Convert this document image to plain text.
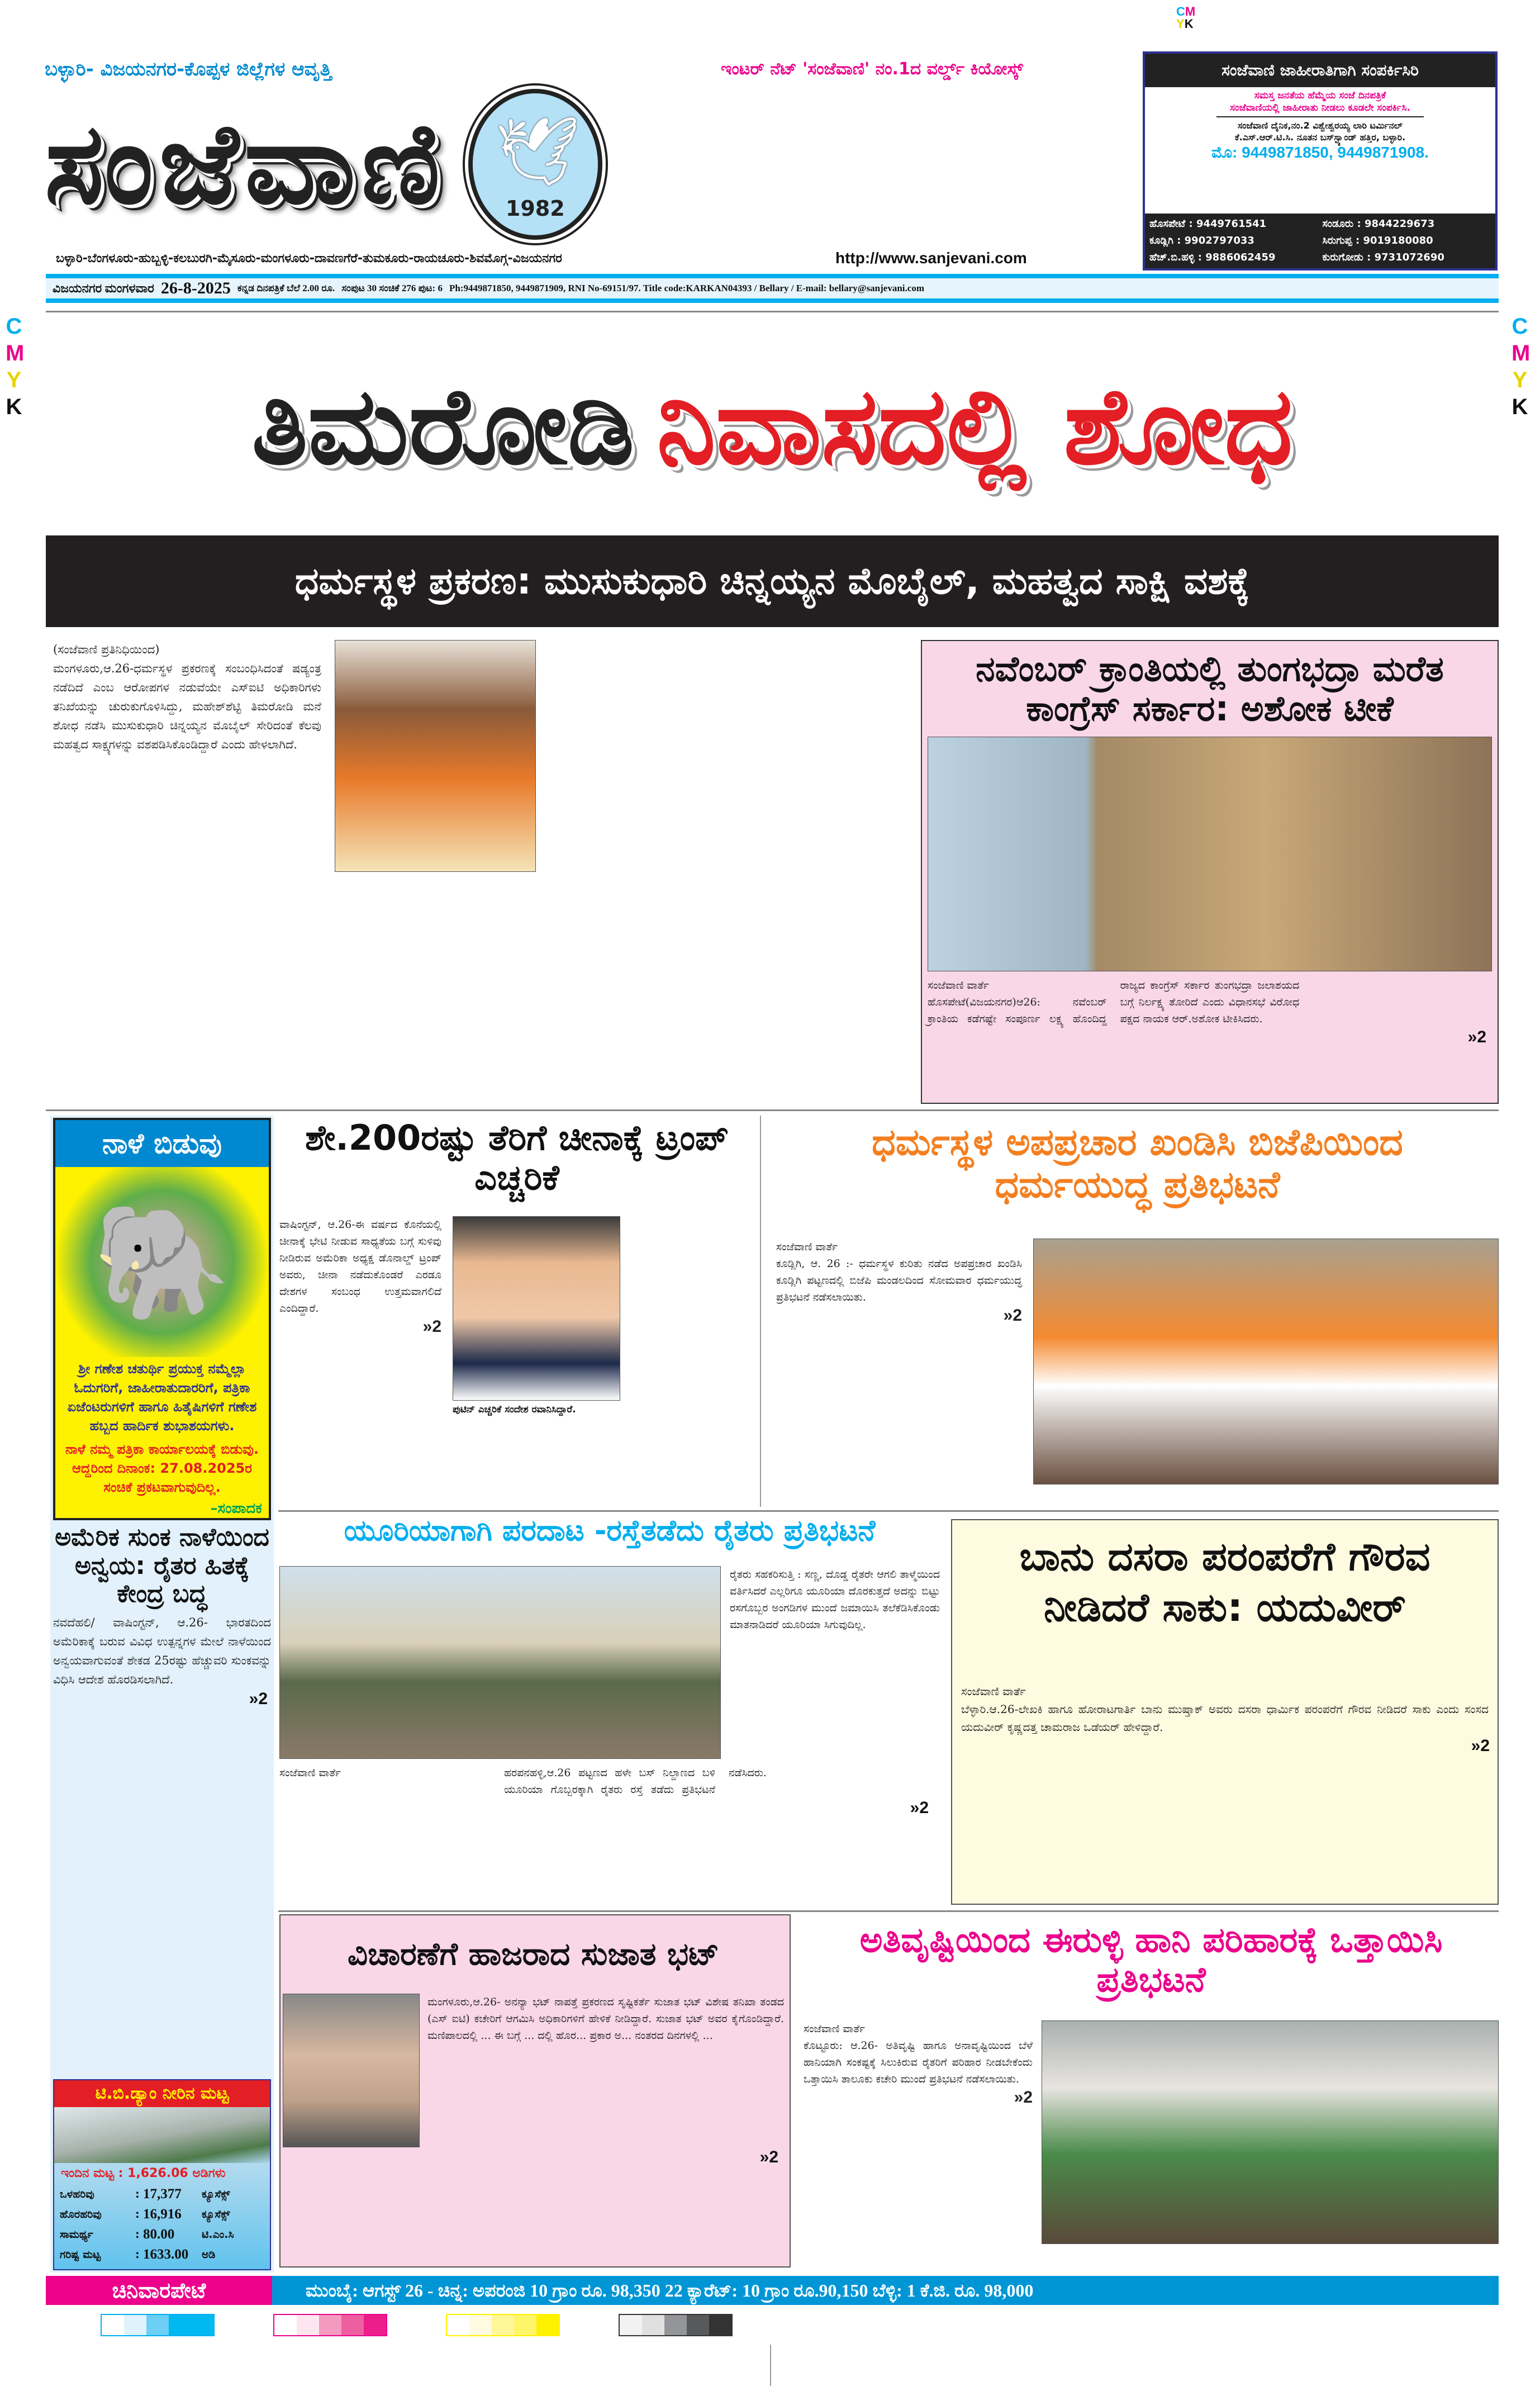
CM
YK
C
M
Y
K
C
M
Y
K
ಬಳ್ಳಾರಿ- ವಿಜಯನಗರ-ಕೊಪ್ಪಳ ಜಿಲ್ಲೆಗಳ ಆವೃತ್ತಿ	ಇಂಟರ್ ನೆಟ್ 'ಸಂಜೆವಾಣಿ' ನಂ.1ದ ವರ್ಲ್ಡ್ ಕಿಯೋಸ್ಕ್
ಸಂಜೆವಾಣಿ 🕊
1982
ಬಳ್ಳಾರಿ-ಬೆಂಗಳೂರು-ಹುಬ್ಬಳ್ಳಿ-ಕಲಬುರಗಿ-ಮೈಸೂರು-ಮಂಗಳೂರು-ದಾವಣಗೆರೆ-ತುಮಕೂರು-ರಾಯಚೂರು-ಶಿವಮೊಗ್ಗ-ವಿಜಯನಗರ	http://www.sanjevani.com
ಸಂಜೆವಾಣಿ ಜಾಹೀರಾತಿಗಾಗಿ ಸಂಪರ್ಕಿಸಿರಿ
ಸಮಸ್ತ ಜನತೆಯ ಹೆಮ್ಮೆಯ ಸಂಜೆ ದಿನಪತ್ರಿಕೆ
ಸಂಜೆವಾಣಿಯಲ್ಲಿ ಜಾಹೀರಾತು ನೀಡಲು ಕೂಡಲೇ ಸಂಪರ್ಕಿಸಿ.
ಸಂಜೆವಾಣಿ ದೈನಿಕ,ನಂ.2 ವಿಶ್ವೇಶ್ವರಯ್ಯ ಲಾರಿ ಟರ್ಮಿನಲ್
ಕೆ.ಎಸ್.ಆರ್.ಟಿ.ಸಿ. ನೂತನ ಬಸ್‌ಸ್ಟ್ಯಾಂಡ್ ಹತ್ತಿರ, ಬಳ್ಳಾರಿ.
ಮೊ: 9449871850, 9449871908.
ಹೊಸಪೇಟೆ : 9449761541	ಸಂಡೂರು : 9844229673
ಕೂಡ್ಲಿಗಿ : 9902797033	ಸಿರುಗುಪ್ಪ : 9019180080
ಹೆಚ್.ಬಿ.ಹಳ್ಳಿ : 9886062459	ಕುರುಗೋಡು : 9731072690
ವಿಜಯನಗರ ಮಂಗಳವಾರ 26-8-2025 ಕನ್ನಡ ದಿನಪತ್ರಿಕೆ ಬೆಲೆ 2.00 ರೂ. ಸಂಪುಟ 30 ಸಂಚಿಕೆ 276 ಪುಟ: 6 Ph:9449871850, 9449871909, RNI No-69151/97. Title code:KARKAN04393 / Bellary / E-mail: bellary@sanjevani.com
ತಿಮರೋಡಿ ನಿವಾಸದಲ್ಲಿ ಶೋಧ
ಧರ್ಮಸ್ಥಳ ಪ್ರಕರಣ: ಮುಸುಕುಧಾರಿ ಚಿನ್ನಯ್ಯನ ಮೊಬೈಲ್, ಮಹತ್ವದ ಸಾಕ್ಷಿ ವಶಕ್ಕೆ
(ಸಂಜೆವಾಣಿ ಪ್ರತಿನಿಧಿಯಿಂದ)

ಮಂಗಳೂರು,ಆ.26-ಧರ್ಮಸ್ಥಳ ಪ್ರಕರಣಕ್ಕೆ ಸಂಬಂಧಿಸಿದಂತೆ ಷಡ್ಯಂತ್ರ ನಡೆದಿದೆ ಎಂಬ ಆರೋಪಗಳ ನಡುವೆಯೇ ಎಸ್‌ಐಟಿ ಅಧಿಕಾರಿಗಳು ತನಿಖೆಯನ್ನು ಚುರುಕುಗೊಳಿಸಿದ್ದು, ಮಹೇಶ್‌ಶೆಟ್ಟಿ ತಿಮರೋಡಿ ಮನೆ ಶೋಧ ನಡೆಸಿ ಮುಸುಕುಧಾರಿ ಚಿನ್ನಯ್ಯನ ಮೊಬೈಲ್ ಸೇರಿದಂತೆ ಕೆಲವು ಮಹತ್ವದ ಸಾಕ್ಷ್ಯಗಳನ್ನು ವಶಪಡಿಸಿಕೊಂಡಿದ್ದಾರೆ ಎಂದು ಹೇಳಲಾಗಿದೆ.

ನವೆಂಬರ್ ಕ್ರಾಂತಿಯಲ್ಲಿ ತುಂಗಭದ್ರಾ ಮರೆತ ಕಾಂಗ್ರೆಸ್ ಸರ್ಕಾರ: ಅಶೋಕ ಟೀಕೆ
ಸಂಜೆವಾಣಿ ವಾರ್ತೆ

ಹೊಸಪೇಟೆ(ವಿಜಯನಗರ)ಆ26: ನವೆಂಬರ್ ಕ್ರಾಂತಿಯ ಕಡೆಗಷ್ಟೇ ಸಂಪೂರ್ಣ ಲಕ್ಷ್ಯ ಹೊಂದಿದ್ದ ರಾಜ್ಯದ ಕಾಂಗ್ರೆಸ್ ಸರ್ಕಾರ ತುಂಗಭದ್ರಾ ಜಲಾಶಯದ ಬಗ್ಗೆ ನಿರ್ಲಕ್ಷ್ಯ ತೋರಿದೆ ಎಂದು ವಿಧಾನಸಭೆ ವಿರೋಧ ಪಕ್ಷದ ನಾಯಕ ಆರ್.ಅಶೋಕ ಟೀಕಿಸಿದರು.

»2
ನಾಳೆ ಬಿಡುವು
🐘
ಶ್ರೀ ಗಣೇಶ ಚತುರ್ಥಿ ಪ್ರಯುಕ್ತ ನಮ್ಮೆಲ್ಲಾ ಓದುಗರಿಗೆ, ಜಾಹೀರಾತುದಾರರಿಗೆ, ಪತ್ರಿಕಾ ಏಜೆಂಟರುಗಳಿಗೆ ಹಾಗೂ ಹಿತೈಷಿಗಳಿಗೆ ಗಣೇಶ ಹಬ್ಬದ ಹಾರ್ದಿಕ ಶುಭಾಶಯಗಳು.
ನಾಳೆ ನಮ್ಮ ಪತ್ರಿಕಾ ಕಾರ್ಯಾಲಯಕ್ಕೆ ಬಿಡುವು. ಆದ್ದರಿಂದ ದಿನಾಂಕ: 27.08.2025ರ ಸಂಚಿಕೆ ಪ್ರಕಟವಾಗುವುದಿಲ್ಲ.
–ಸಂಪಾದಕ
ಅಮೆರಿಕ ಸುಂಕ ನಾಳೆಯಿಂದ ಅನ್ವಯ: ರೈತರ ಹಿತಕ್ಕೆ ಕೇಂದ್ರ ಬದ್ಧ

ನವದೆಹಲಿ/ ವಾಷಿಂಗ್ಟನ್, ಆ.26- ಭಾರತದಿಂದ ಅಮೆರಿಕಾಕ್ಕೆ ಬರುವ ವಿವಿಧ ಉತ್ಪನ್ನಗಳ ಮೇಲೆ ನಾಳೆಯಿಂದ ಅನ್ವಯವಾಗುವಂತೆ ಶೇಕಡ 25ರಷ್ಟು ಹೆಚ್ಚುವರಿ ಸುಂಕವನ್ನು ವಿಧಿಸಿ ಆದೇಶ ಹೊರಡಿಸಲಾಗಿದೆ.

»2
ಟಿ.ಬಿ.ಡ್ಯಾಂ ನೀರಿನ ಮಟ್ಟ
ಇಂದಿನ ಮಟ್ಟ : 1,626.06 ಅಡಿಗಳು
ಒಳಹರಿವು	: 17,377	ಕ್ಯೂಸೆಕ್ಸ್
ಹೊರಹರಿವು	: 16,916	ಕ್ಯೂಸೆಕ್ಸ್
ಸಾಮರ್ಥ್ಯ	: 80.00	ಟಿ.ಎಂ.ಸಿ
ಗರಿಷ್ಟ ಮಟ್ಟ	: 1633.00	ಅಡಿ
ಶೇ.200ರಷ್ಟು ತೆರಿಗೆ ಚೀನಾಕ್ಕೆ ಟ್ರಂಪ್ ಎಚ್ಚರಿಕೆ

ವಾಷಿಂಗ್ಟನ್, ಆ.26-ಈ ವರ್ಷದ ಕೊನೆಯಲ್ಲಿ ಚೀನಾಕ್ಕೆ ಭೇಟಿ ನೀಡುವ ಸಾಧ್ಯತೆಯ ಬಗ್ಗೆ ಸುಳಿವು ನೀಡಿರುವ ಅಮೆರಿಕಾ ಅಧ್ಯಕ್ಷ ಡೊನಾಲ್ಡ್ ಟ್ರಂಪ್ ಅವರು, ಚೀನಾ ನಡೆದುಕೊಂಡರೆ ಎರಡೂ ದೇಶಗಳ ಸಂಬಂಧ ಉತ್ತಮವಾಗಲಿದೆ ಎಂದಿದ್ದಾರೆ.

»2
ಪುಟಿನ್ ಎಚ್ಚರಿಕೆ ಸಂದೇಶ ರವಾನಿಸಿದ್ದಾರೆ.
ಧರ್ಮಸ್ಥಳ ಅಪಪ್ರಚಾರ ಖಂಡಿಸಿ ಬಿಜೆಪಿಯಿಂದ ಧರ್ಮಯುದ್ಧ ಪ್ರತಿಭಟನೆ
ಸಂಜೆವಾಣಿ ವಾರ್ತೆ

ಕೂಡ್ಲಿಗಿ, ಆ. 26 :- ಧರ್ಮಸ್ಥಳ ಕುರಿತು ನಡೆದ ಅಪಪ್ರಚಾರ ಖಂಡಿಸಿ ಕೂಡ್ಲಿಗಿ ಪಟ್ಟಣದಲ್ಲಿ ಬಿಜೆಪಿ ಮಂಡಲದಿಂದ ಸೋಮವಾರ ಧರ್ಮಯುದ್ಧ ಪ್ರತಿಭಟನೆ ನಡೆಸಲಾಯಿತು.

»2
ಯೂರಿಯಾಗಾಗಿ ಪರದಾಟ -ರಸ್ತೆತಡೆದು ರೈತರು ಪ್ರತಿಭಟನೆ

ರೈತರು ಸಹಕರಿಸುತ್ತಿ : ಸಣ್ಣ, ದೊಡ್ಡ ರೈತರೇ ಆಗಲಿ ತಾಳ್ಮೆಯಿಂದ ವರ್ತಿಸಿದರೆ ಎಲ್ಲರಿಗೂ ಯೂರಿಯಾ ದೊರಕುತ್ತದೆ ಅದನ್ನು ಬಿಟ್ಟು ರಸಗೊಬ್ಬರ ಅಂಗಡಿಗಳ ಮುಂದೆ ಜಮಾಯಿಸಿ ತಲೆಕೆಡಿಸಿಕೊಂಡು ಮಾತನಾಡಿದರೆ ಯೂರಿಯಾ ಸಿಗುವುದಿಲ್ಲ.

ಸಂಜೆವಾಣಿ ವಾರ್ತೆ	ಹರಪನಹಳ್ಳಿ,ಆ.26 ಪಟ್ಟಣದ ಹಳೇ ಬಸ್ ನಿಲ್ದಾಣದ ಬಳಿ ಯೂರಿಯಾ ಗೊಬ್ಬರಕ್ಕಾಗಿ ರೈತರು ರಸ್ತೆ ತಡೆದು ಪ್ರತಿಭಟನೆ ನಡೆಸಿದರು.

»2
ಬಾನು ದಸರಾ ಪರಂಪರೆಗೆ ಗೌರವ ನೀಡಿದರೆ ಸಾಕು: ಯದುವೀರ್
ಸಂಜೆವಾಣಿ ವಾರ್ತೆ

ಬೆಳ್ಳಾರಿ.ಆ.26-ಲೇಖಕಿ ಹಾಗೂ ಹೋರಾಟಗಾರ್ತಿ ಬಾನು ಮುಷ್ತಾಕ್ ಅವರು ದಸರಾ ಧಾರ್ಮಿಕ ಪರಂಪರೆಗೆ ಗೌರವ ನೀಡಿದರೆ ಸಾಕು ಎಂದು ಸಂಸದ ಯದುವೀರ್ ಕೃಷ್ಣದತ್ತ ಚಾಮರಾಜ ಒಡೆಯರ್ ಹೇಳಿದ್ದಾರೆ.

»2
ವಿಚಾರಣೆಗೆ ಹಾಜರಾದ ಸುಜಾತ ಭಟ್

ಮಂಗಳೂರು,ಆ.26- ಅನನ್ಯಾ ಭಟ್ ನಾಪತ್ತೆ ಪ್ರಕರಣದ ಸೃಷ್ಟಿಕರ್ತೆ ಸುಜಾತ ಭಟ್ ವಿಶೇಷ ತನಿಖಾ ತಂಡದ (ಎಸ್ ಐಟಿ) ಕಚೇರಿಗೆ ಆಗಮಿಸಿ ಅಧಿಕಾರಿಗಳಿಗೆ ಹೇಳಿಕೆ ನೀಡಿದ್ದಾರೆ. ಸುಜಾತ ಭಟ್ ಅವರ ಕೈಗೊಂಡಿದ್ದಾರೆ. ಮಣಿಪಾಲದಲ್ಲಿ ... ಈ ಬಗ್ಗೆ ... ದಲ್ಲಿ ಹೊರ... ಪ್ರಕಾರ ಅ... ನಂತರದ ದಿನಗಳಲ್ಲಿ ...

»2
ಅತಿವೃಷ್ಟಿಯಿಂದ ಈರುಳ್ಳಿ ಹಾನಿ ಪರಿಹಾರಕ್ಕೆ ಒತ್ತಾಯಿಸಿ ಪ್ರತಿಭಟನೆ
ಸಂಜೆವಾಣಿ ವಾರ್ತೆ

ಕೊಟ್ಟೂರು: ಆ.26- ಅತಿವೃಷ್ಟಿ ಹಾಗೂ ಅನಾವೃಷ್ಟಿಯಿಂದ ಬೆಳೆ ಹಾನಿಯಾಗಿ ಸಂಕಷ್ಟಕ್ಕೆ ಸಿಲುಕಿರುವ ರೈತರಿಗೆ ಪರಿಹಾರ ನೀಡಬೇಕೆಂದು ಒತ್ತಾಯಿಸಿ ತಾಲೂಕು ಕಚೇರಿ ಮುಂದೆ ಪ್ರತಿಭಟನೆ ನಡೆಸಲಾಯಿತು.

»2
ಚಿನಿವಾರಪೇಟೆ	ಮುಂಬೈ: ಆಗಸ್ಟ್ 26 - ಚಿನ್ನ: ಅಪರಂಜಿ 10 ಗ್ರಾಂ ರೂ. 98,350 22 ಕ್ಯಾರೆಟ್: 10 ಗ್ರಾಂ ರೂ.90,150 ಬೆಳ್ಳಿ: 1 ಕೆ.ಜಿ. ರೂ. 98,000
